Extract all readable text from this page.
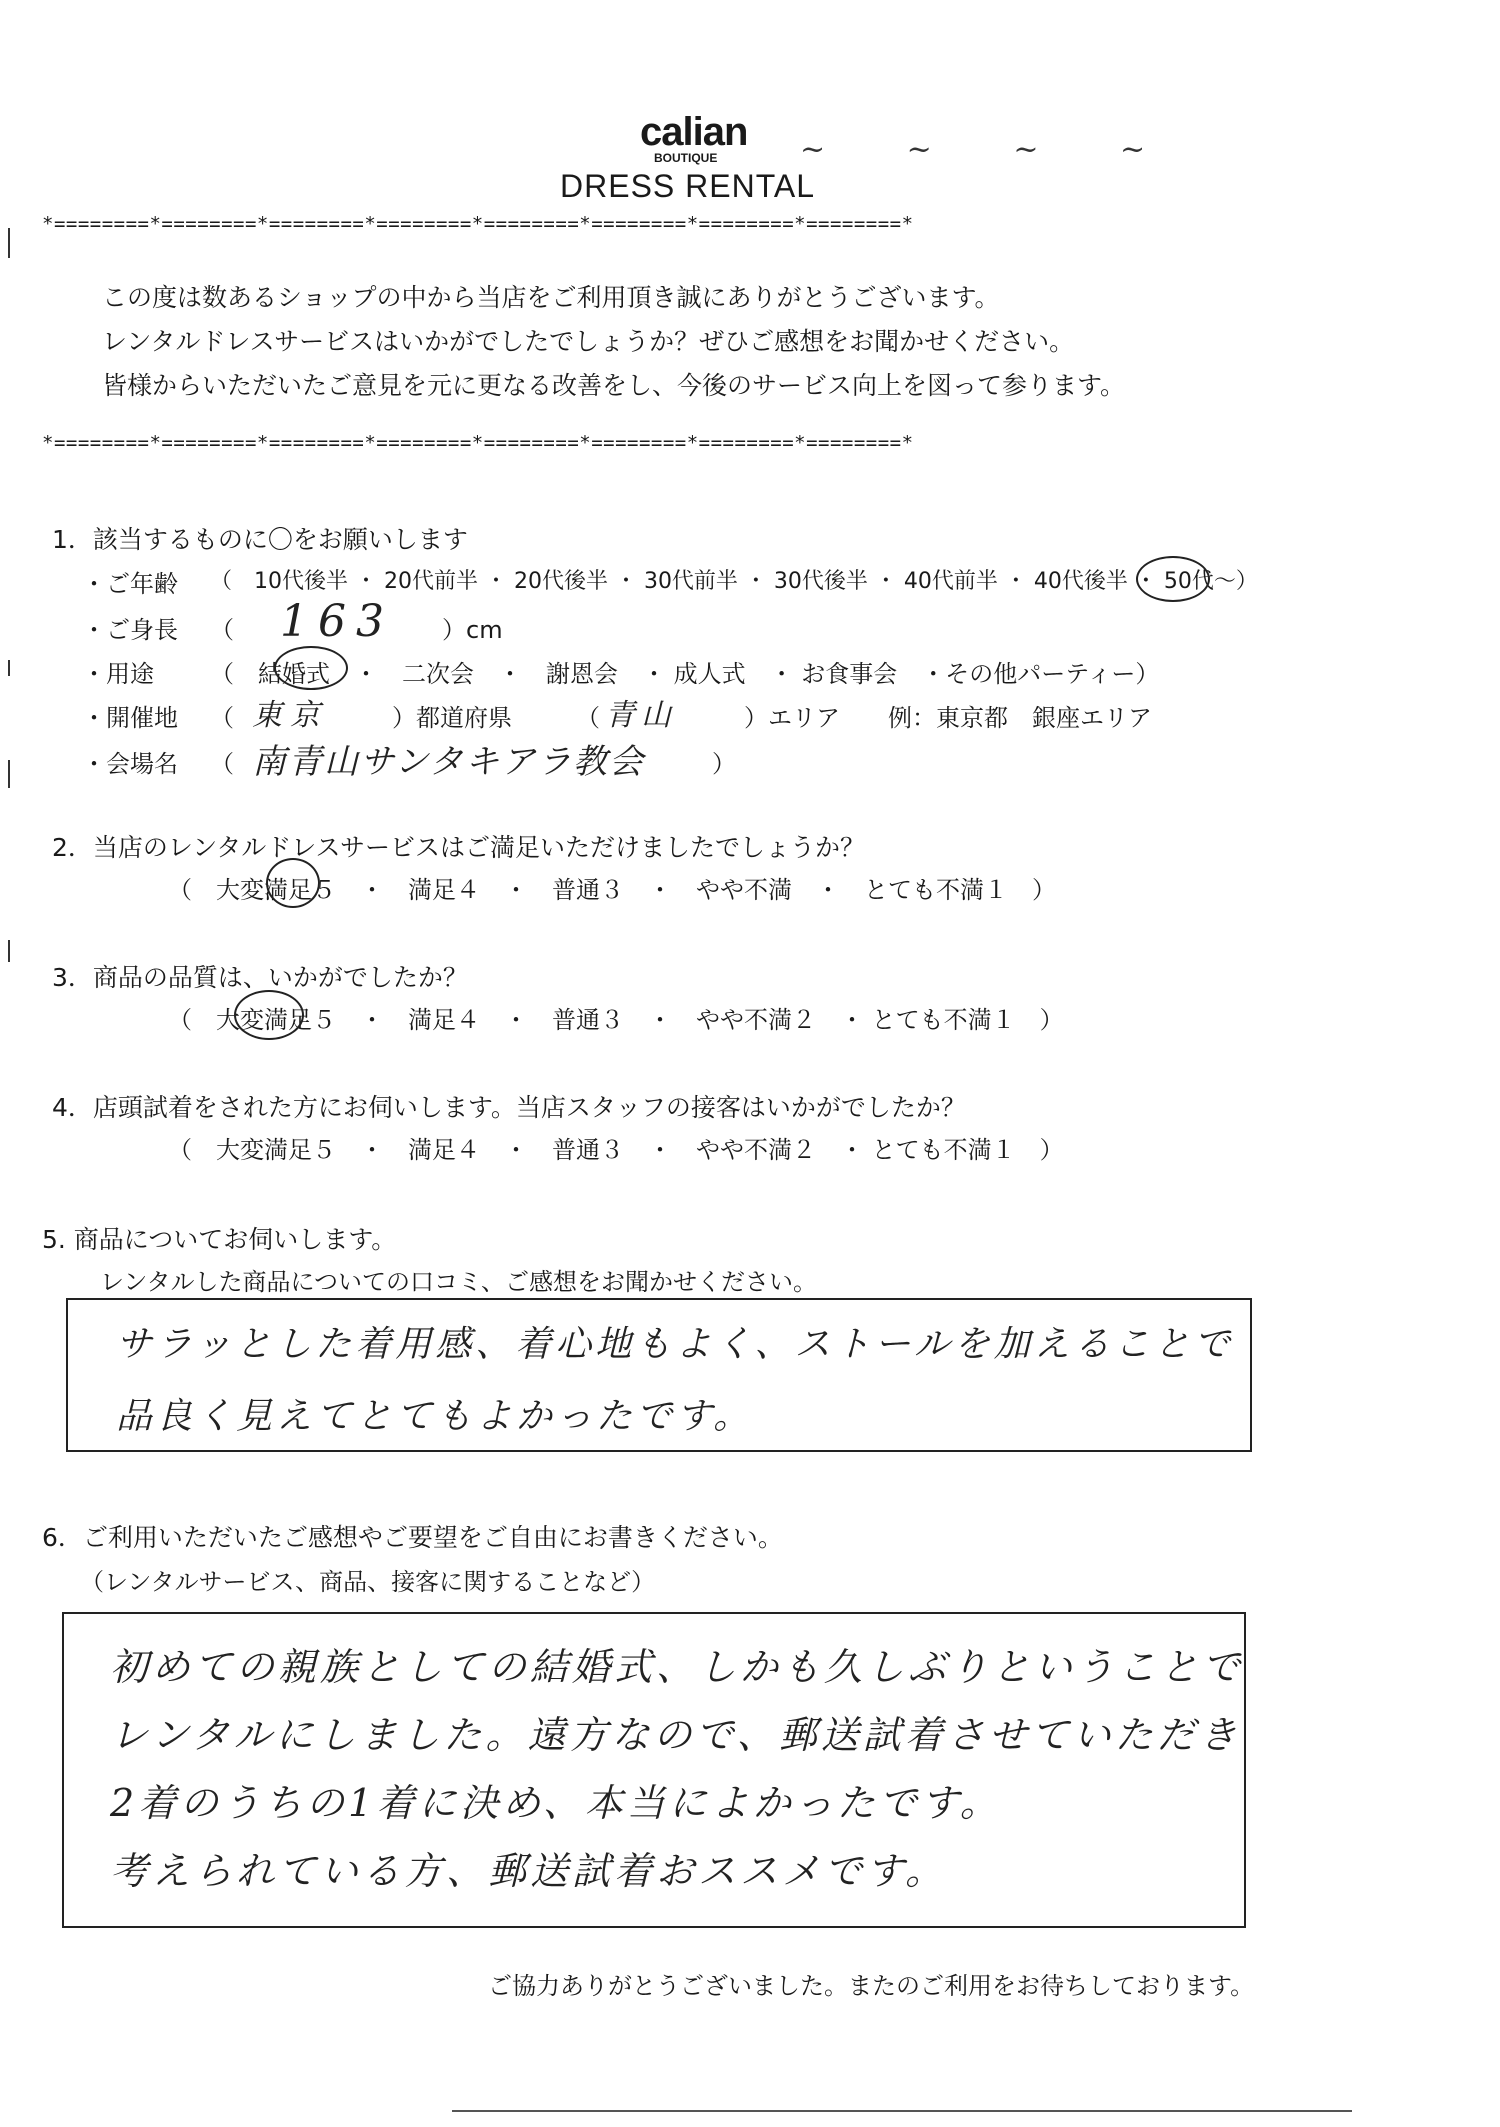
calian
BOUTIQUE
DRESS RENTAL
~ ~ ~ ~
*========*========*========*========*========*========*========*========*
この度は数あるショップの中から当店をご利用頂き誠にありがとうございます。
レンタルドレスサービスはいかがでしたでしょうか？ぜひご感想をお聞かせください。
皆様からいただいたご意見を元に更なる改善をし、今後のサービス向上を図って参ります。
*========*========*========*========*========*========*========*========*
1．該当するものに〇をお願いします
・ご年齢 （　10代後半 ・ 20代前半 ・ 20代後半 ・ 30代前半 ・ 30代後半 ・ 40代前半 ・ 40代後半 ・ 50代～）
・ご身長 （ 163 ）cm
・用途 （　結婚式　・　二次会　・　謝恩会　・ 成人式　・ お食事会　・その他パーティー）
・開催地 （ 東京	）都道府県	（ 青山	）エリア　　例：東京都　銀座エリア
・会場名 （ 南青山サンタキアラ教会	）
2．当店のレンタルドレスサービスはご満足いただけましたでしょうか？
（　大変満足５　・　満足４　・　普通３　・　やや不満　・　とても不満１　）
3．商品の品質は、いかがでしたか？
（　大変満足５　・　満足４　・　普通３　・　やや不満２　・ とても不満１　）
4．店頭試着をされた方にお伺いします。当店スタッフの接客はいかがでしたか？
（　大変満足５　・　満足４　・　普通３　・　やや不満２　・ とても不満１　）
5. 商品についてお伺いします。
レンタルした商品についての口コミ、ご感想をお聞かせください。
サラッとした着用感、着心地もよく、ストールを加えることで
品良く見えてとてもよかったです。
6．ご利用いただいたご感想やご要望をご自由にお書きください。
（レンタルサービス、商品、接客に関することなど）
初めての親族としての結婚式、しかも久しぶりということで
レンタルにしました。遠方なので、郵送試着させていただき
2着のうちの1着に決め、本当によかったです。
考えられている方、郵送試着おススメです。
ご協力ありがとうございました。またのご利用をお待ちしております。
